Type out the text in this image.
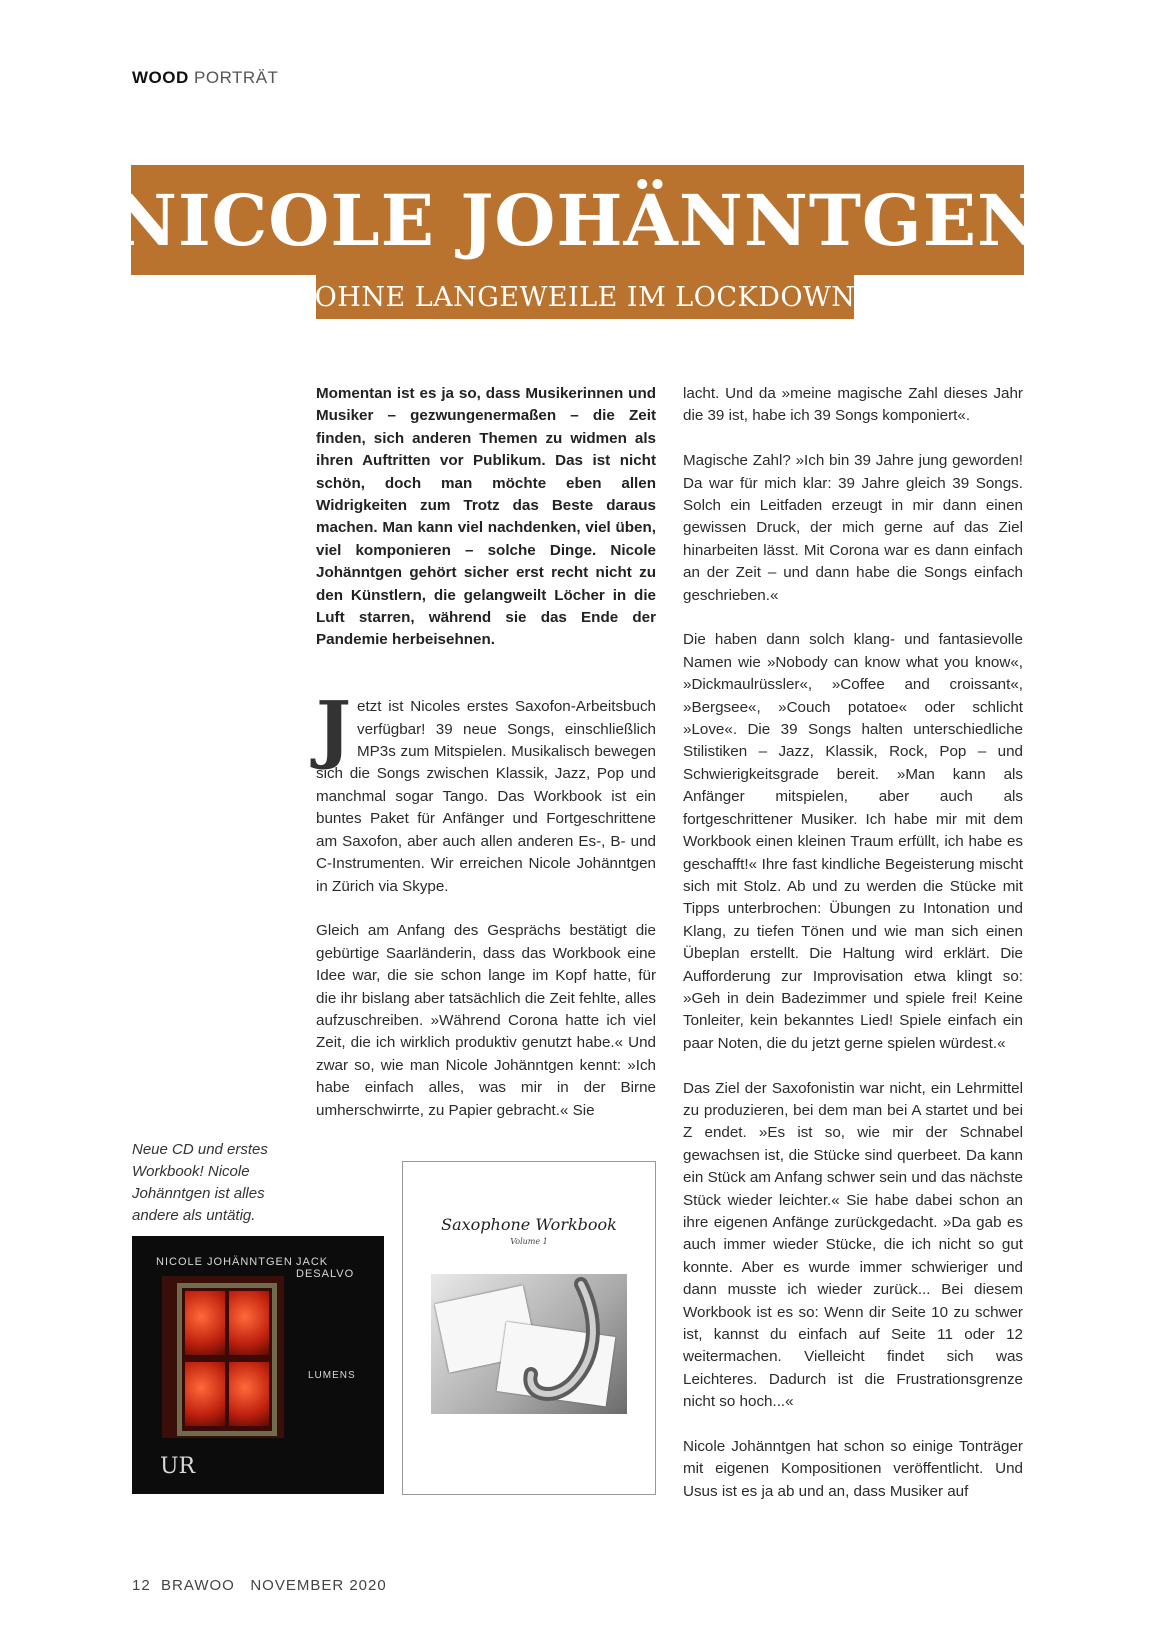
WOOD PORTRÄT
NICOLE JOHÄNNTGEN
OHNE LANGEWEILE IM LOCKDOWN

Momentan ist es ja so, dass Musikerinnen und Musiker – gezwungenermaßen – die Zeit finden, sich anderen Themen zu widmen als ihren Auftritten vor Publikum. Das ist nicht schön, doch man möchte eben allen Widrigkeiten zum Trotz das Beste daraus machen. Man kann viel nachdenken, viel üben, viel komponieren – solche Dinge. Nicole Johänntgen gehört sicher erst recht nicht zu den Künstlern, die gelangweilt Löcher in die Luft starren, während sie das Ende der Pandemie herbeisehnen.

Jetzt ist Nicoles erstes Saxofon-Arbeitsbuch verfügbar! 39 neue Songs, einschließlich MP3s zum Mitspielen. Musikalisch bewegen sich die Songs zwischen Klassik, Jazz, Pop und manchmal sogar Tango. Das Workbook ist ein buntes Paket für Anfänger und Fortgeschrittene am Saxofon, aber auch allen anderen Es-, B- und C-Instrumenten. Wir erreichen Nicole Johänntgen in Zürich via Skype.

Gleich am Anfang des Gesprächs bestätigt die gebürtige Saarländerin, dass das Workbook eine Idee war, die sie schon lange im Kopf hatte, für die ihr bislang aber tatsächlich die Zeit fehlte, alles aufzuschreiben. »Während Corona hatte ich viel Zeit, die ich wirklich produktiv genutzt habe.« Und zwar so, wie man Nicole Johänntgen kennt: »Ich habe einfach alles, was mir in der Birne umherschwirrte, zu Papier gebracht.« Sie

lacht. Und da »meine magische Zahl dieses Jahr die 39 ist, habe ich 39 Songs komponiert«.

Magische Zahl? »Ich bin 39 Jahre jung geworden! Da war für mich klar: 39 Jahre gleich 39 Songs. Solch ein Leitfaden erzeugt in mir dann einen gewissen Druck, der mich gerne auf das Ziel hinarbeiten lässt. Mit Corona war es dann einfach an der Zeit – und dann habe die Songs einfach geschrieben.«

Die haben dann solch klang- und fantasievolle Namen wie »Nobody can know what you know«, »Dickmaulrüssler«, »Coffee and croissant«, »Bergsee«, »Couch potatoe« oder schlicht »Love«. Die 39 Songs halten unterschiedliche Stilistiken – Jazz, Klassik, Rock, Pop – und Schwierigkeitsgrade bereit. »Man kann als Anfänger mitspielen, aber auch als fortgeschrittener Musiker. Ich habe mir mit dem Workbook einen kleinen Traum erfüllt, ich habe es geschafft!« Ihre fast kindliche Begeisterung mischt sich mit Stolz. Ab und zu werden die Stücke mit Tipps unterbrochen: Übungen zu Intonation und Klang, zu tiefen Tönen und wie man sich einen Übeplan erstellt. Die Haltung wird erklärt. Die Aufforderung zur Improvisation etwa klingt so: »Geh in dein Badezimmer und spiele frei! Keine Tonleiter, kein bekanntes Lied! Spiele einfach ein paar Noten, die du jetzt gerne spielen würdest.«

Das Ziel der Saxofonistin war nicht, ein Lehrmittel zu produzieren, bei dem man bei A startet und bei Z endet. »Es ist so, wie mir der Schnabel gewachsen ist, die Stücke sind querbeet. Da kann ein Stück am Anfang schwer sein und das nächste Stück wieder leichter.« Sie habe dabei schon an ihre eigenen Anfänge zurückgedacht. »Da gab es auch immer wieder Stücke, die ich nicht so gut konnte. Aber es wurde immer schwieriger und dann musste ich wieder zurück... Bei diesem Workbook ist es so: Wenn dir Seite 10 zu schwer ist, kannst du einfach auf Seite 11 oder 12 weitermachen. Vielleicht findet sich was Leichteres. Dadurch ist die Frustrationsgrenze nicht so hoch...«

Nicole Johänntgen hat schon so einige Tonträger mit eigenen Kompositionen veröffentlicht. Und Usus ist es ja ab und an, dass Musiker auf

Neue CD und erstes Workbook! Nicole Johänntgen ist alles andere als untätig.
NICOLE JOHÄNNTGEN JACK DESALVO
LUMENS
UR
Saxophone Workbook
Volume 1
12 BRAWOO NOVEMBER 2020
